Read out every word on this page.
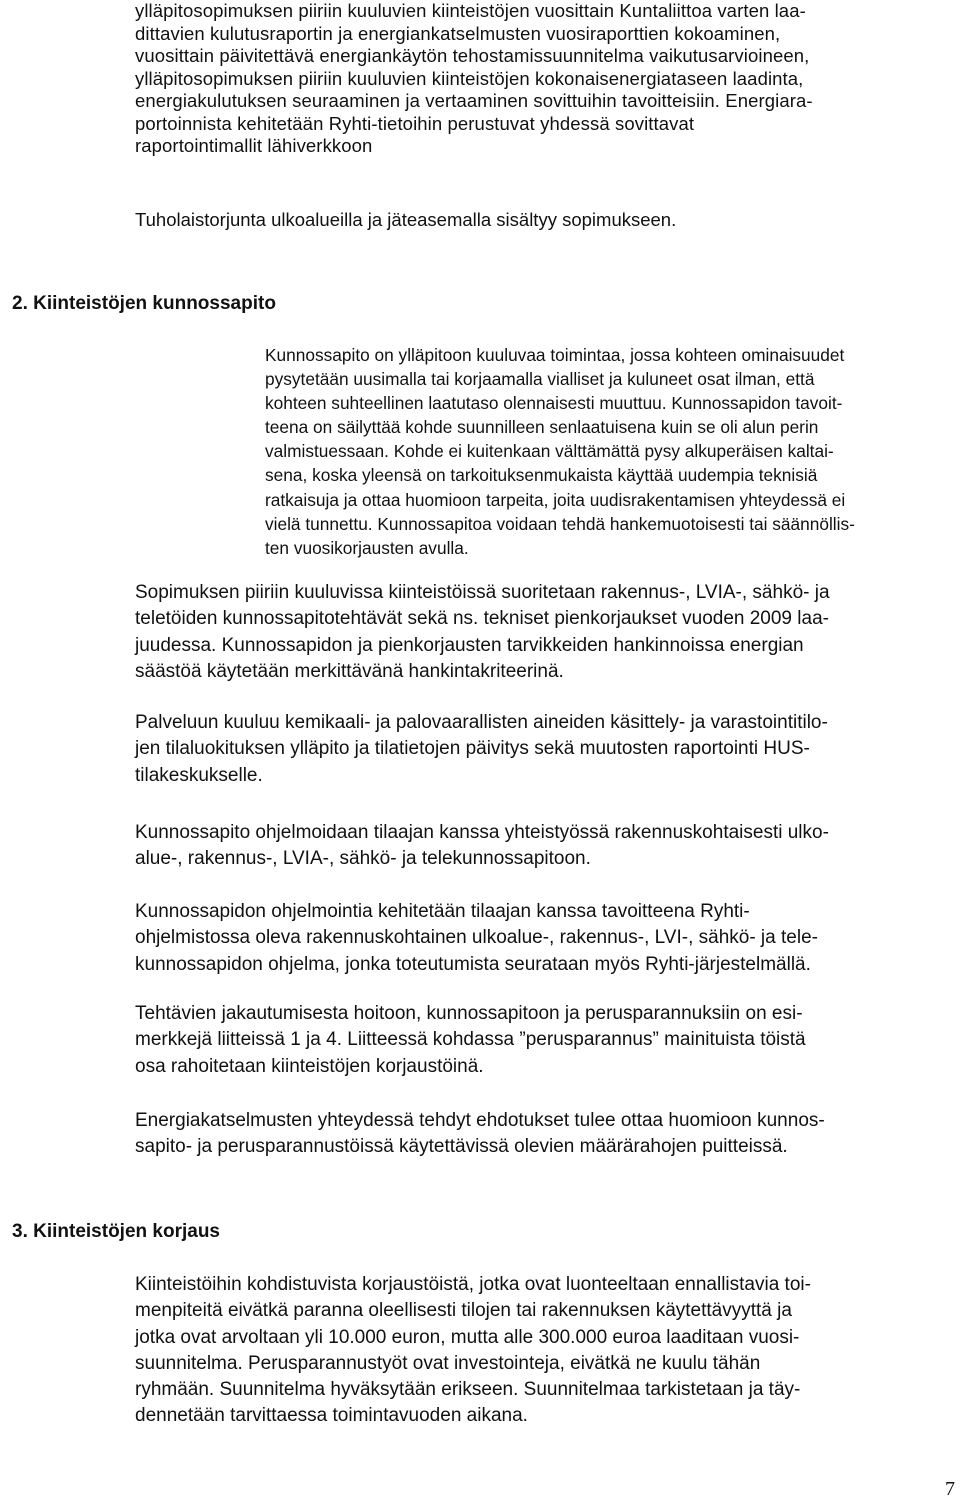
ylläpitosopimuksen piiriin kuuluvien kiinteistöjen vuosittain Kuntaliittoa varten laa-
dittavien kulutusraportin ja energiankatselmusten vuosiraporttien kokoaminen,
vuosittain päivitettävä energiankäytön tehostamissuunnitelma vaikutusarvioineen,
ylläpitosopimuksen piiriin kuuluvien kiinteistöjen kokonaisenergiataseen laadinta,
energiakulutuksen seuraaminen ja vertaaminen sovittuihin tavoitteisiin. Energiara-
portoinnista kehitetään Ryhti-tietoihin perustuvat yhdessä sovittavat
raportointimallit lähiverkkoon
Tuholaistorjunta ulkoalueilla ja jäteasemalla sisältyy sopimukseen.
2. Kiinteistöjen kunnossapito
Kunnossapito on ylläpitoon kuuluvaa toimintaa, jossa kohteen ominaisuudet
pysytetään uusimalla tai korjaamalla vialliset ja kuluneet osat ilman, että
kohteen suhteellinen laatutaso olennaisesti muuttuu. Kunnossapidon tavoit-
teena on säilyttää kohde suunnilleen senlaatuisena kuin se oli alun perin
valmistuessaan. Kohde ei kuitenkaan välttämättä pysy alkuperäisen kaltai-
sena, koska yleensä on tarkoituksenmukaista käyttää uudempia teknisiä
ratkaisuja ja ottaa huomioon tarpeita, joita uudisrakentamisen yhteydessä ei
vielä tunnettu. Kunnossapitoa voidaan tehdä hankemuotoisesti tai säännöllis-
ten vuosikorjausten avulla.
Sopimuksen piiriin kuuluvissa kiinteistöissä suoritetaan rakennus-, LVIA-, sähkö- ja
teletöiden kunnossapitotehtävät sekä ns. tekniset pienkorjaukset vuoden 2009 laa-
juudessa. Kunnossapidon ja pienkorjausten tarvikkeiden hankinnoissa energian
säästöä käytetään merkittävänä hankintakriteerinä.
Palveluun kuuluu kemikaali- ja palovaarallisten aineiden käsittely- ja varastointitilo-
jen tilaluokituksen ylläpito ja tilatietojen päivitys sekä muutosten raportointi HUS-
tilakeskukselle.
Kunnossapito ohjelmoidaan tilaajan kanssa yhteistyössä rakennuskohtaisesti ulko-
alue-, rakennus-, LVIA-, sähkö- ja telekunnossapitoon.
Kunnossapidon ohjelmointia kehitetään tilaajan kanssa tavoitteena Ryhti-
ohjelmistossa oleva rakennuskohtainen ulkoalue-, rakennus-, LVI-, sähkö- ja tele-
kunnossapidon ohjelma, jonka toteutumista seurataan myös Ryhti-järjestelmällä.
Tehtävien jakautumisesta hoitoon, kunnossapitoon ja perusparannuksiin on esi-
merkkejä liitteissä 1 ja 4. Liitteessä kohdassa ”perusparannus” mainituista töistä
osa rahoitetaan kiinteistöjen korjaustöinä.
Energiakatselmusten yhteydessä tehdyt ehdotukset tulee ottaa huomioon kunnos-
sapito- ja perusparannustöissä käytettävissä olevien määrärahojen puitteissä.
3. Kiinteistöjen korjaus
Kiinteistöihin kohdistuvista korjaustöistä, jotka ovat luonteeltaan ennallistavia toi-
menpiteitä eivätkä paranna oleellisesti tilojen tai rakennuksen käytettävyyttä ja
jotka ovat arvoltaan yli 10.000 euron, mutta alle 300.000 euroa laaditaan vuosi-
suunnitelma. Perusparannustyöt ovat investointeja, eivätkä ne kuulu tähän
ryhmään. Suunnitelma hyväksytään erikseen. Suunnitelmaa tarkistetaan ja täy-
dennetään tarvittaessa toimintavuoden aikana.
7
